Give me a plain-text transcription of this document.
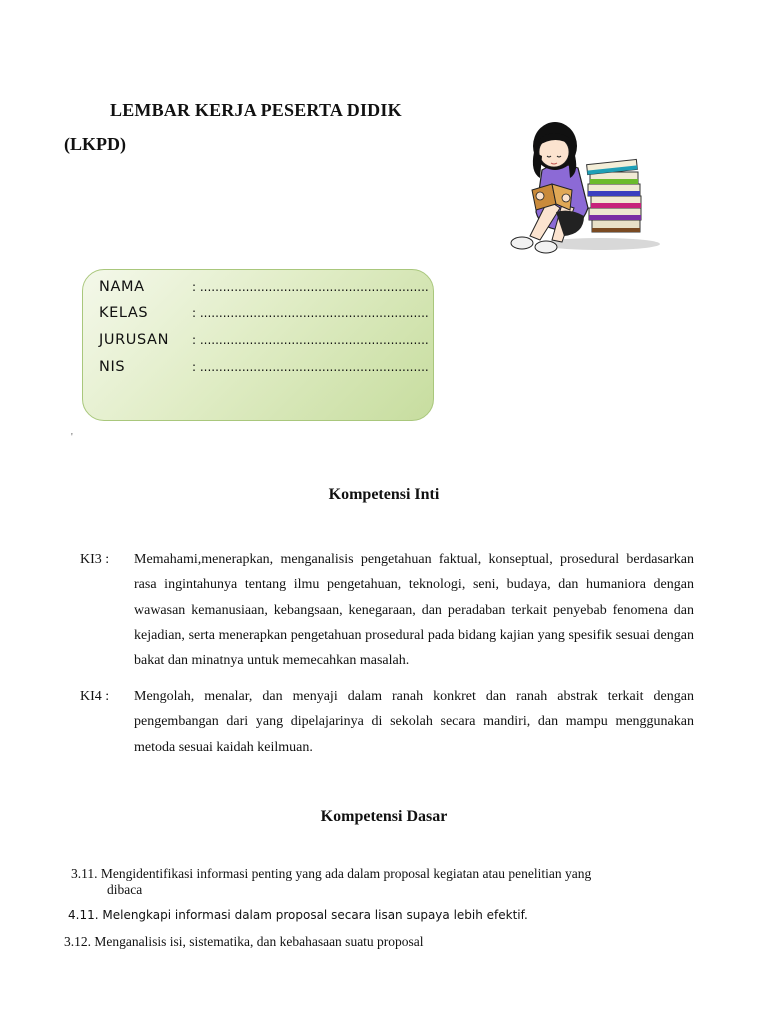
LEMBAR KERJA PESERTA DIDIK
(LKPD)
NAMA	: ............................................................
KELAS	: ............................................................
JURUSAN : ............................................................
NIS	: ............................................................
'
Kompetensi Inti
KI3 :	Memahami,menerapkan, menganalisis pengetahuan faktual, konseptual, prosedural berdasarkan rasa ingintahunya tentang ilmu pengetahuan, teknologi, seni, budaya, dan humaniora dengan wawasan kemanusiaan, kebangsaan, kenegaraan, dan peradaban terkait penyebab fenomena dan kejadian, serta menerapkan pengetahuan prosedural pada bidang kajian yang spesifik sesuai dengan bakat dan minatnya untuk memecahkan masalah.
KI4 :	Mengolah, menalar, dan menyaji dalam ranah konkret dan ranah abstrak terkait dengan pengembangan dari yang dipelajarinya di sekolah secara mandiri, dan mampu menggunakan metoda sesuai kaidah keilmuan.
Kompetensi Dasar
3.11. Mengidentifikasi informasi penting yang ada dalam proposal kegiatan atau penelitian yang
dibaca
4.11. Melengkapi informasi dalam proposal secara lisan supaya lebih efektif.
3.12. Menganalisis isi, sistematika, dan kebahasaan suatu proposal
